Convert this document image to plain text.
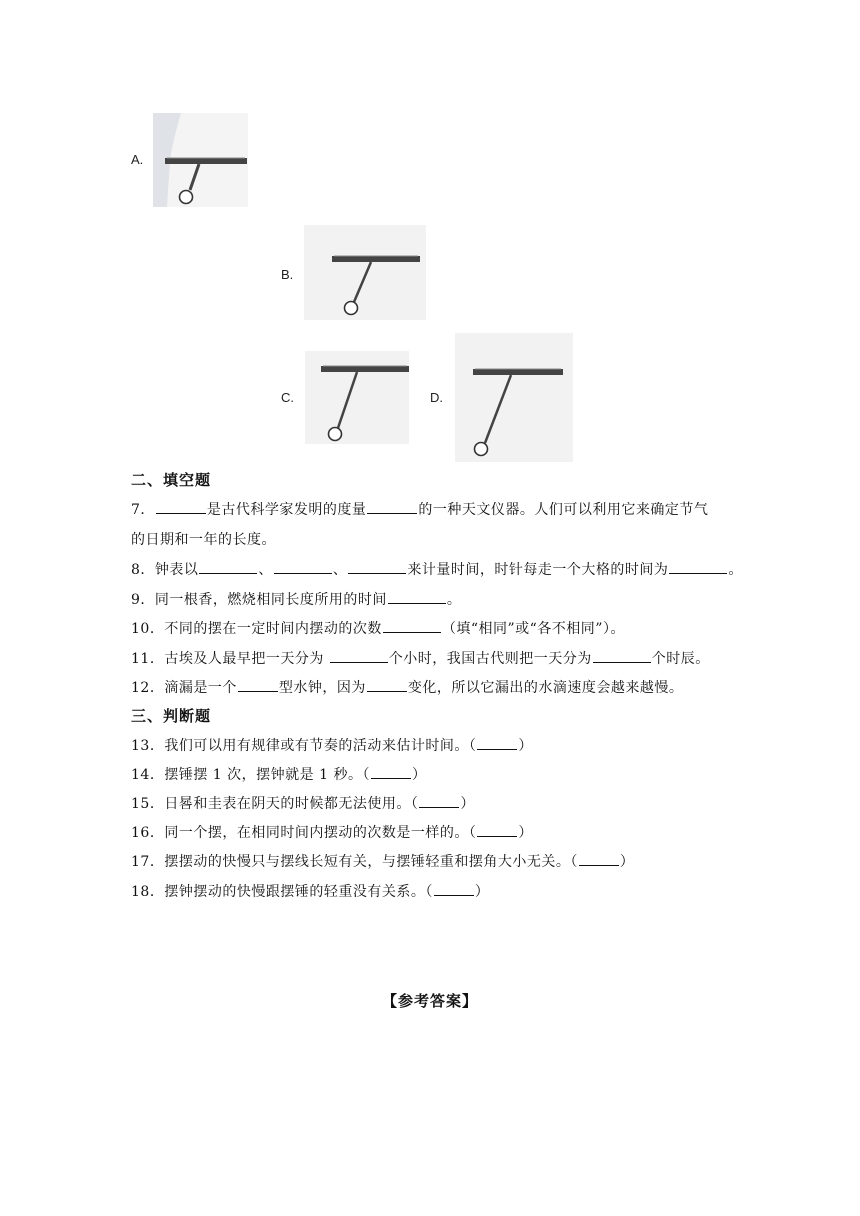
A.
B.
C.	D.
二、填空题
7．	是古代科学家发明的度量	的一种天文仪器。人们可以利用它来确定节气
的日期和一年的长度。
8．钟表以	、	、	来计量时间，时针每走一个大格的时间为	。
9．同一根香，燃烧相同长度所用的时间	。
10．不同的摆在一定时间内摆动的次数	（填“相同”或“各不相同”）。
11．古埃及人最早把一天分为	个小时，我国古代则把一天分为	个时辰。
12．滴漏是一个	型水钟，因为	变化，所以它漏出的水滴速度会越来越慢。
三、判断题
13．我们可以用有规律或有节奏的活动来估计时间。（	）
14．摆锤摆 1 次，摆钟就是 1 秒。（	）
15．日晷和圭表在阴天的时候都无法使用。（	）
16．同一个摆，在相同时间内摆动的次数是一样的。（	）
17．摆摆动的快慢只与摆线长短有关，与摆锤轻重和摆角大小无关。（	）
18．摆钟摆动的快慢跟摆锤的轻重没有关系。（	）
【参考答案】
